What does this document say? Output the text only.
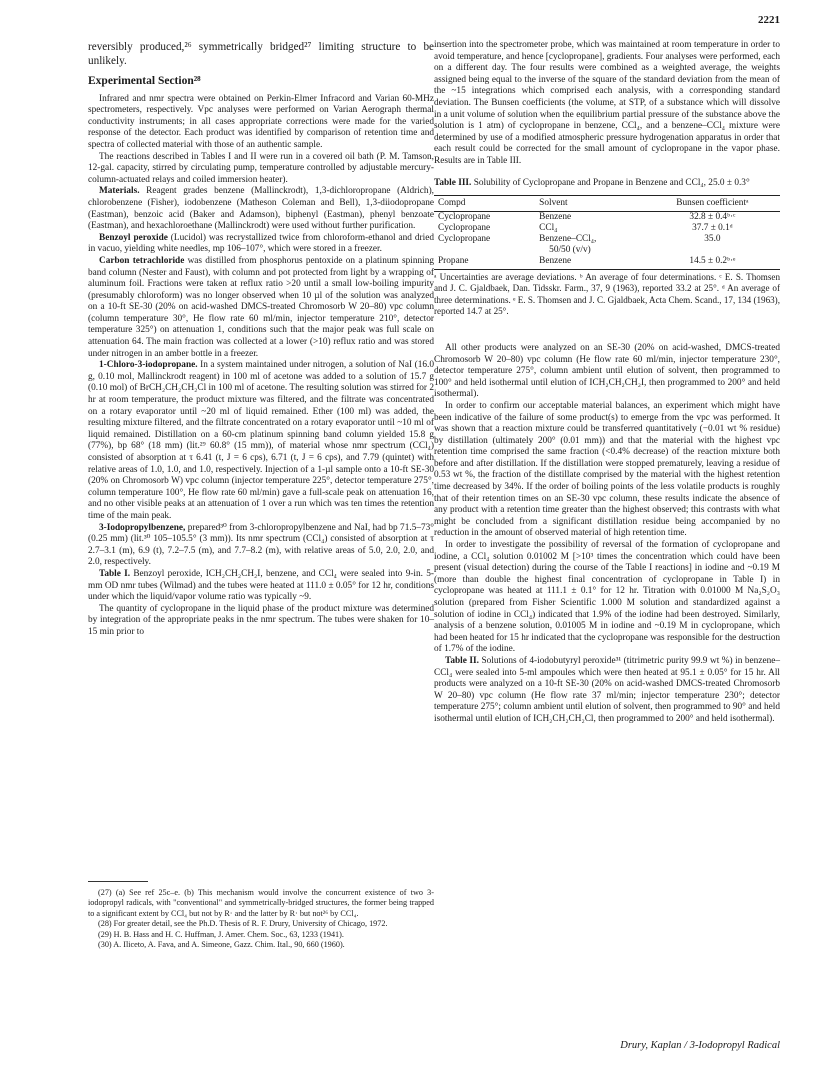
2221

reversibly produced,²⁶ symmetrically bridged²⁷ limiting structure to be unlikely.

Experimental Section²⁸

Infrared and nmr spectra were obtained on Perkin-Elmer Infracord and Varian 60-MHz spectrometers, respectively. Vpc analyses were performed on Varian Aerograph thermal conductivity instruments; in all cases appropriate corrections were made for the varied response of the detector. Each product was identified by comparison of retention time and spectra of collected material with those of an authentic sample.

The reactions described in Tables I and II were run in a covered oil bath (P. M. Tamson, 12-gal. capacity, stirred by circulating pump, temperature controlled by adjustable mercury-column-actuated relays and coiled immersion heater).

Materials. Reagent grades benzene (Mallinckrodt), 1,3-dichloropropane (Aldrich), chlorobenzene (Fisher), iodobenzene (Matheson Coleman and Bell), 1,3-diiodopropane (Eastman), benzoic acid (Baker and Adamson), biphenyl (Eastman), phenyl benzoate (Eastman), and hexachloroethane (Mallinckrodt) were used without further purification.

Benzoyl peroxide (Lucidol) was recrystallized twice from chloroform-ethanol and dried in vacuo, yielding white needles, mp 106–107°, which were stored in a freezer.

Carbon tetrachloride was distilled from phosphorus pentoxide on a platinum spinning band column (Nester and Faust), with column and pot protected from light by a wrapping of aluminum foil. Fractions were taken at reflux ratio >20 until a small low-boiling impurity (presumably chloroform) was no longer observed when 10 µl of the solution was analyzed on a 10-ft SE-30 (20% on acid-washed DMCS-treated Chromosorb W 20–80) vpc column (column temperature 30°, He flow rate 60 ml/min, injector temperature 210°, detector temperature 325°) on attenuation 1, conditions such that the major peak was full scale on attenuation 64. The main fraction was collected at a lower (>10) reflux ratio and was stored under nitrogen in an amber bottle in a freezer.

1-Chloro-3-iodopropane. In a system maintained under nitrogen, a solution of NaI (16.0 g, 0.10 mol, Mallinckrodt reagent) in 100 ml of acetone was added to a solution of 15.7 g (0.10 mol) of BrCH₂CH₂CH₂Cl in 100 ml of acetone. The resulting solution was stirred for 2 hr at room temperature, the product mixture was filtered, and the filtrate was concentrated on a rotary evaporator until ~20 ml of liquid remained. Ether (100 ml) was added, the resulting mixture filtered, and the filtrate concentrated on a rotary evaporator until ~10 ml of liquid remained. Distillation on a 60-cm platinum spinning band column yielded 15.8 g (77%), bp 68° (18 mm) (lit.²⁹ 60.8° (15 mm)), of material whose nmr spectrum (CCl₄) consisted of absorption at τ 6.41 (t, J = 6 cps), 6.71 (t, J = 6 cps), and 7.79 (quintet) with relative areas of 1.0, 1.0, and 1.0, respectively. Injection of a 1-µl sample onto a 10-ft SE-30 (20% on Chromosorb W) vpc column (injector temperature 225°, detector temperature 275°, column temperature 100°, He flow rate 60 ml/min) gave a full-scale peak on attenuation 16, and no other visible peaks at an attenuation of 1 over a run which was ten times the retention time of the main peak.

3-Iodopropylbenzene, prepared³⁰ from 3-chloropropylbenzene and NaI, had bp 71.5–73° (0.25 mm) (lit.³⁰ 105–105.5° (3 mm)). Its nmr spectrum (CCl₄) consisted of absorption at τ 2.7–3.1 (m), 6.9 (t), 7.2–7.5 (m), and 7.7–8.2 (m), with relative areas of 5.0, 2.0, 2.0, and 2.0, respectively.

Table I. Benzoyl peroxide, ICH₂CH₂CH₂I, benzene, and CCl₄ were sealed into 9-in. 5-mm OD nmr tubes (Wilmad) and the tubes were heated at 111.0 ± 0.05° for 12 hr, conditions under which the liquid/vapor volume ratio was typically ~9.

The quantity of cyclopropane in the liquid phase of the product mixture was determined by integration of the appropriate peaks in the nmr spectrum. The tubes were shaken for 10–15 min prior to

(27) (a) See ref 25c–e. (b) This mechanism would involve the concurrent existence of two 3-iodopropyl radicals, with "conventional" and symmetrically-bridged structures, the former being trapped to a significant extent by CCl₄ but not by R· and the latter by R· but not²⁶ by CCl₄.
(28) For greater detail, see the Ph.D. Thesis of R. F. Drury, University of Chicago, 1972.
(29) H. B. Hass and H. C. Huffman, J. Amer. Chem. Soc., 63, 1233 (1941).
(30) A. Iliceto, A. Fava, and A. Simeone, Gazz. Chim. Ital., 90, 660 (1960).

insertion into the spectrometer probe, which was maintained at room temperature in order to avoid temperature, and hence [cyclopropane], gradients. Four analyses were performed, each on a different day. The four results were combined as a weighted average, the weights assigned being equal to the inverse of the square of the standard deviation from the mean of the ~15 integrations which comprised each analysis, with a corresponding standard deviation. The Bunsen coefficients (the volume, at STP, of a substance which will dissolve in a unit volume of solution when the equilibrium partial pressure of the substance above the solution is 1 atm) of cyclopropane in benzene, CCl₄, and a benzene–CCl₄ mixture were determined by use of a modified atmospheric pressure hydrogenation apparatus in order that each result could be corrected for the small amount of cyclopropane in the vapor phase. Results are in Table III.

Table III. Solubility of Cyclopropane and Propane in Benzene and CCl₄, 25.0 ± 0.3°

Compd	Solvent	Bunsen coefficientᵃ
Cyclopropane	Benzene	32.8 ± 0.4ᵇ·ᶜ
Cyclopropane	CCl₄	37.7 ± 0.1ᵈ
Cyclopropane	Benzene–CCl₄,	35.0
	50/50 (v/v)	
Propane	Benzene	14.5 ± 0.2ᵇ·ᵉ
ᵃ Uncertainties are average deviations. ᵇ An average of four determinations. ᶜ E. S. Thomsen and J. C. Gjaldbaek, Dan. Tidsskr. Farm., 37, 9 (1963), reported 33.2 at 25°. ᵈ An average of three determinations. ᵉ E. S. Thomsen and J. C. Gjaldbaek, Acta Chem. Scand., 17, 134 (1963), reported 14.7 at 25°.

All other products were analyzed on an SE-30 (20% on acid-washed, DMCS-treated Chromosorb W 20–80) vpc column (He flow rate 60 ml/min, injector temperature 230°, detector temperature 275°, column ambient until elution of solvent, then programmed to 100° and held isothermal until elution of ICH₂CH₂CH₂I, then programmed to 200° and held isothermal).

In order to confirm our acceptable material balances, an experiment which might have been indicative of the failure of some product(s) to emerge from the vpc was performed. It was shown that a reaction mixture could be transferred quantitatively (−0.01 wt % residue) by distillation (ultimately 200° (0.01 mm)) and that the material with the highest vpc retention time comprised the same fraction (<0.4% decrease) of the reaction mixture both before and after distillation. If the distillation were stopped prematurely, leaving a residue of 0.53 wt %, the fraction of the distillate comprised by the material with the highest retention time decreased by 34%. If the order of boiling points of the less volatile products is roughly that of their retention times on an SE-30 vpc column, these results indicate the absence of any product with a retention time greater than the highest observed; this contrasts with what might be concluded from a significant distillation residue being accompanied by no reduction in the amount of observed material of high retention time.

In order to investigate the possibility of reversal of the formation of cyclopropane and iodine, a CCl₄ solution 0.01002 M [>10³ times the concentration which could have been present (visual detection) during the course of the Table I reactions] in iodine and ~0.19 M (more than double the highest final concentration of cyclopropane in Table I) in cyclopropane was heated at 111.1 ± 0.1° for 12 hr. Titration with 0.01000 M Na₂S₂O₃ solution (prepared from Fisher Scientific 1.000 M solution and standardized against a solution of iodine in CCl₄) indicated that 1.9% of the iodine had been destroyed. Similarly, analysis of a benzene solution, 0.01005 M in iodine and ~0.19 M in cyclopropane, which had been heated for 15 hr indicated that the cyclopropane was responsible for the destruction of 1.7% of the iodine.

Table II. Solutions of 4-iodobutyryl peroxide³¹ (titrimetric purity 99.9 wt %) in benzene–CCl₄ were sealed into 5-ml ampoules which were then heated at 95.1 ± 0.05° for 15 hr. All products were analyzed on a 10-ft SE-30 (20% on acid-washed DMCS-treated Chromosorb W 20–80) vpc column (He flow rate 37 ml/min; injector temperature 230°; detector temperature 275°; column ambient until elution of solvent, then programmed to 90° and held isothermal until elution of ICH₂CH₂CH₂Cl, then programmed to 200° and held isothermal).

Drury, Kaplan / 3-Iodopropyl Radical
